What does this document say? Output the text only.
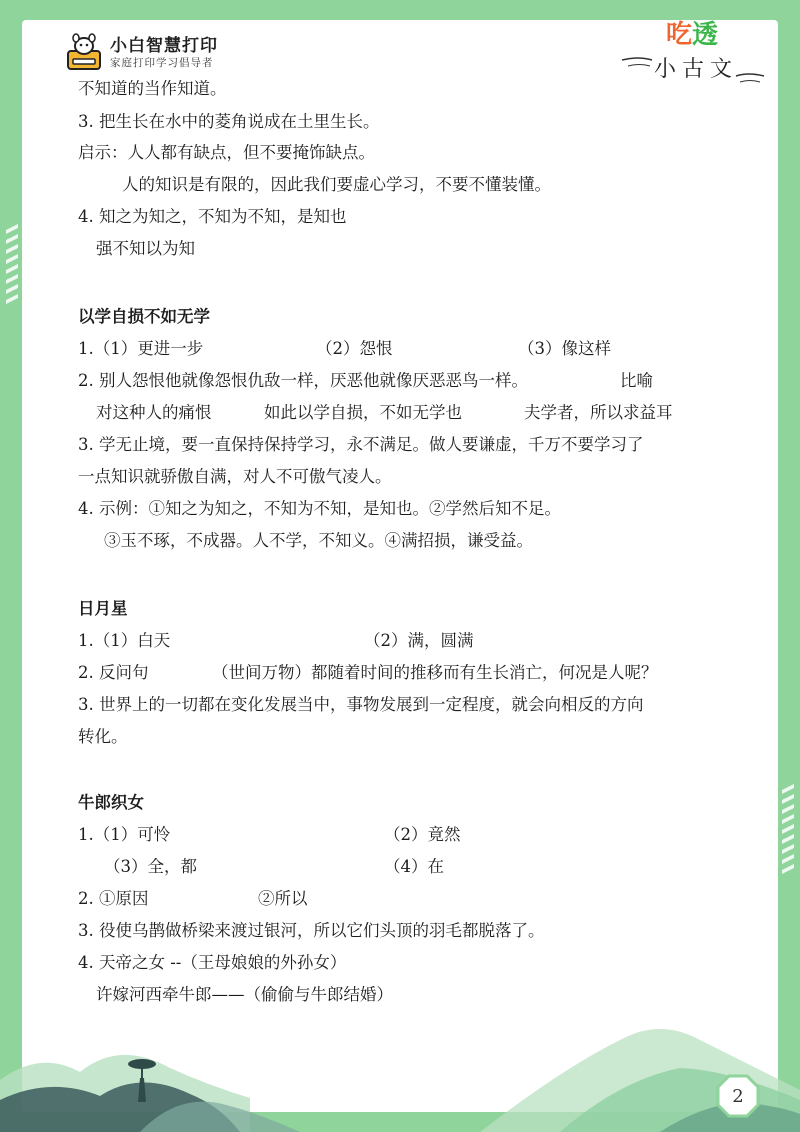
小白智慧打印
家庭打印学习倡导者
吃透
小古文
不知道的当作知道。
3. 把生长在水中的菱角说成在土里生长。
启示：人人都有缺点，但不要掩饰缺点。
人的知识是有限的，因此我们要虚心学习，不要不懂装懂。
4. 知之为知之，不知为不知，是知也
强不知以为知
以学自损不如无学
1.（1）更进一步	（2）怨恨	（3）像这样
2. 别人怨恨他就像怨恨仇敌一样，厌恶他就像厌恶恶鸟一样。	比喻
对这种人的痛恨	如此以学自损，不如无学也	夫学者，所以求益耳
3. 学无止境，要一直保持保持学习，永不满足。做人要谦虚，千万不要学习了
一点知识就骄傲自满，对人不可傲气凌人。
4. 示例：①知之为知之，不知为不知，是知也。②学然后知不足。
③玉不琢，不成器。人不学，不知义。④满招损，谦受益。
日月星
1.（1）白天	（2）满，圆满
2. 反问句	（世间万物）都随着时间的推移而有生长消亡，何况是人呢？
3. 世界上的一切都在变化发展当中，事物发展到一定程度，就会向相反的方向
转化。
牛郎织女
1.（1）可怜	（2）竟然
（3）全，都	（4）在
2. ①原因	②所以
3. 役使乌鹊做桥梁来渡过银河，所以它们头顶的羽毛都脱落了。
4. 天帝之女 --（王母娘娘的外孙女）
许嫁河西牵牛郎——（偷偷与牛郎结婚）
2
